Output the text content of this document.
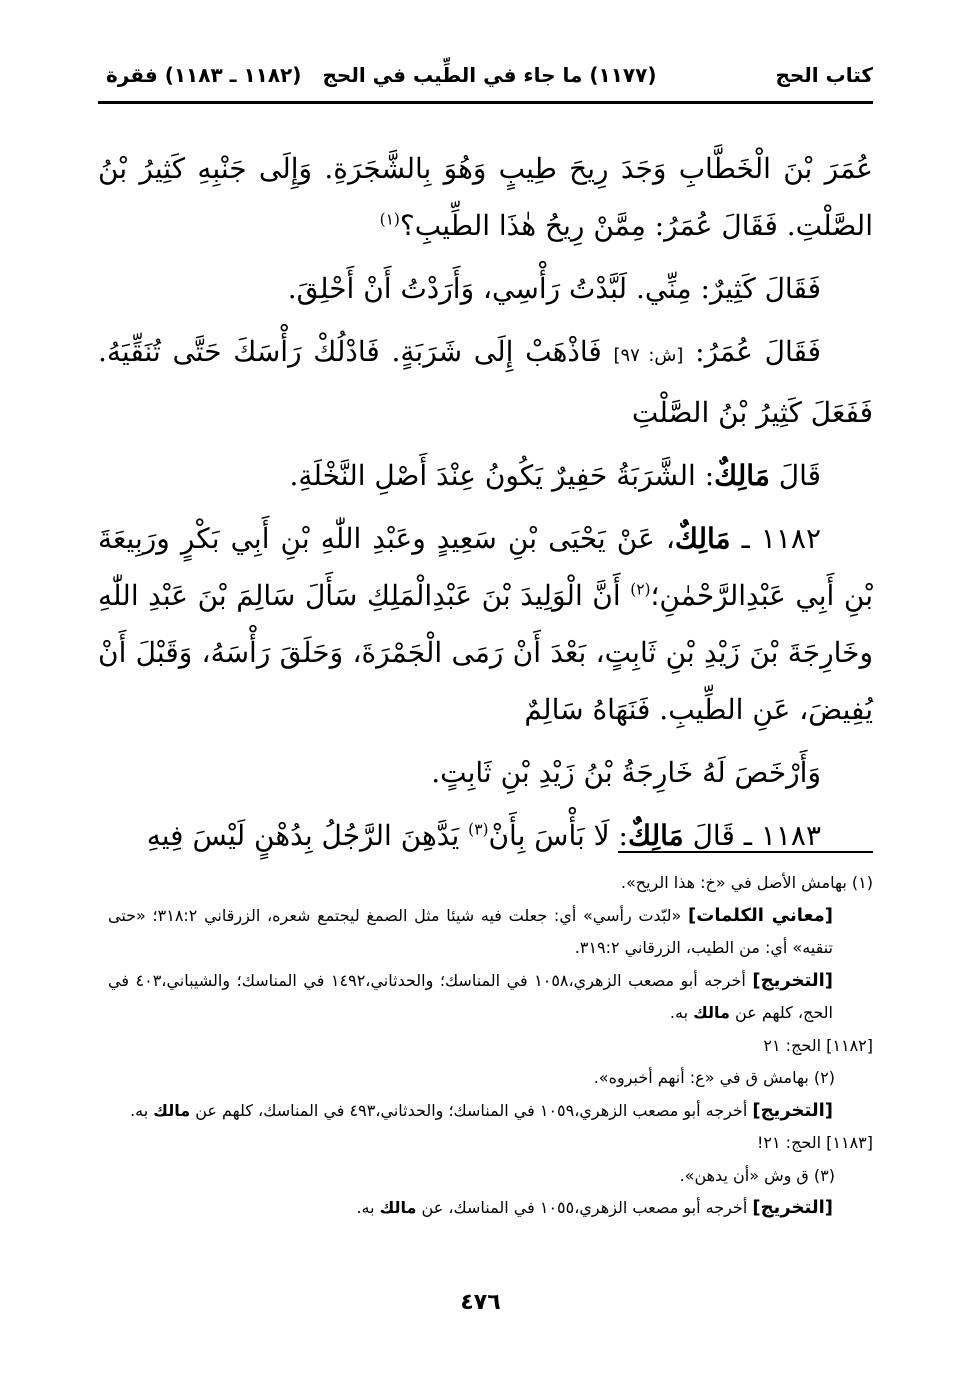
كتاب الحج
(١١٧٧) ما جاء في الطِّيب في الحج
(١١٨٢ ـ ١١٨٣) فقرة

عُمَرَ بْنَ الْخَطَّابِ وَجَدَ رِيحَ طِيبٍ وَهُوَ بِالشَّجَرَةِ. وَإِلَى جَنْبِهِ كَثِيرُ بْنُ الصَّلْتِ. فَقَالَ عُمَرُ: مِمَّنْ رِيحُ هٰذَا الطِّيبِ؟$^{(١)}$

فَقَالَ كَثِيرٌ: مِنِّي. لَبَّدْتُ رَأْسِي، وَأَرَدْتُ أَنْ أَحْلِقَ.

فَقَالَ عُمَرُ: [ش: ٩٧] فَاذْهَبْ إِلَى شَرَبَةٍ. فَادْلُكْ رَأْسَكَ حَتَّى تُنَقِّيَهُ. فَفَعَلَ كَثِيرُ بْنُ الصَّلْتِ

قَالَ مَالِكٌ: الشَّرَبَةُ حَفِيرٌ يَكُونُ عِنْدَ أَصْلِ النَّخْلَةِ.

١١٨٢ ـ مَالِكٌ، عَنْ يَحْيَى بْنِ سَعِيدٍ وعَبْدِ اللّٰهِ بْنِ أَبِي بَكْرٍ ورَبِيعَةَ بْنِ أَبِي عَبْدِالرَّحْمٰنِ؛$^{(٢)}$ أَنَّ الْوَلِيدَ بْنَ عَبْدِالْمَلِكِ سَأَلَ سَالِمَ بْنَ عَبْدِ اللّٰهِ وخَارِجَةَ بْنَ زَيْدِ بْنِ ثَابِتٍ، بَعْدَ أَنْ رَمَى الْجَمْرَةَ، وَحَلَقَ رَأْسَهُ، وَقَبْلَ أَنْ يُفِيضَ، عَنِ الطِّيبِ. فَنَهَاهُ سَالِمٌ

وَأَرْخَصَ لَهُ خَارِجَةُ بْنُ زَيْدِ بْنِ ثَابِتٍ.

١١٨٣ ـ قَالَ مَالِكٌ: لَا بَأْسَ بِأَنْ$^{(٣)}$ يَدَّهِنَ الرَّجُلُ بِدُهْنٍ لَيْسَ فِيهِ

(١) بهامش الأصل في «خ: هذا الريح».

[معاني الكلمات] «لبّدت رأسي» أي: جعلت فيه شيئا مثل الصمغ ليجتمع شعره، الزرقاني ٣١٨:٢؛ «حتى تنقيه» أي: من الطيب، الزرقاني ٣١٩:٢.

[التخريج] أخرجه أبو مصعب الزهري،١٠٥٨ في المناسك؛ والحدثاني،١٤٩٢ في المناسك؛ والشيباني،٤٠٣ في الحج، كلهم عن مالك به.

[١١٨٢] الحج: ٢١

(٢) بهامش ق في «ع: أنهم أخبروه».

[التخريج] أخرجه أبو مصعب الزهري،١٠٥٩ في المناسك؛ والحدثاني،٤٩٣ في المناسك، كلهم عن مالك به.

[١١٨٣] الحج: ٢١!

(٣) ق وش «أن يدهن».

[التخريج] أخرجه أبو مصعب الزهري،١٠٥٥ في المناسك، عن مالك به.

٤٧٦
